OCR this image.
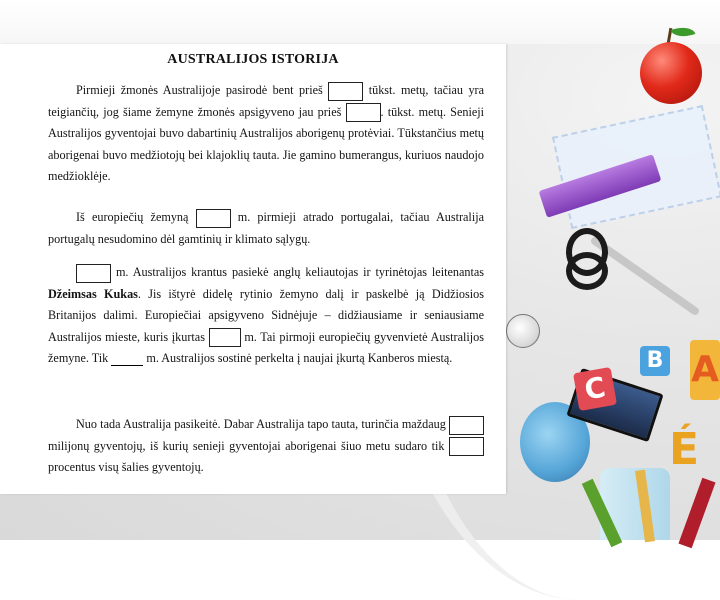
B A
C
É
AUSTRALIJOS ISTORIJA
Pirmieji žmonės Australijoje pasirodė bent prieš	tūkst. metų, tačiau yra teigiančių, jog šiame žemyne žmonės apsigyveno jau prieš	. tūkst. metų. Senieji Australijos gyventojai buvo dabartinių Australijos aborigenų protėviai. Tūkstančius metų aborigenai buvo medžiotojų bei klajoklių tauta. Jie gamino bumerangus, kuriuos naudojo medžioklėje.
Iš europiečių žemyną	m. pirmieji atrado portugalai, tačiau Australija portugalų nesudomino dėl gamtinių ir klimato sąlygų.
m. Australijos krantus pasiekė anglų keliautojas ir tyrinėtojas leitenantas Džeimsas Kukas. Jis ištyrė didelę rytinio žemyno dalį ir paskelbė ją Didžiosios Britanijos dalimi. Europiečiai apsigyveno Sidnėjuje – didžiausiame ir seniausiame Australijos mieste, kuris įkurtas	m. Tai pirmoji europiečių gyvenvietė Australijos žemyne. Tik	m. Australijos sostinė perkelta į naujai įkurtą Kanberos miestą.
Nuo tada Australija pasikeitė. Dabar Australija tapo tauta, turinčia maždaug  milijonų gyventojų, iš kurių senieji gyventojai aborigenai šiuo metu sudaro tik  procentus visų šalies gyventojų.
